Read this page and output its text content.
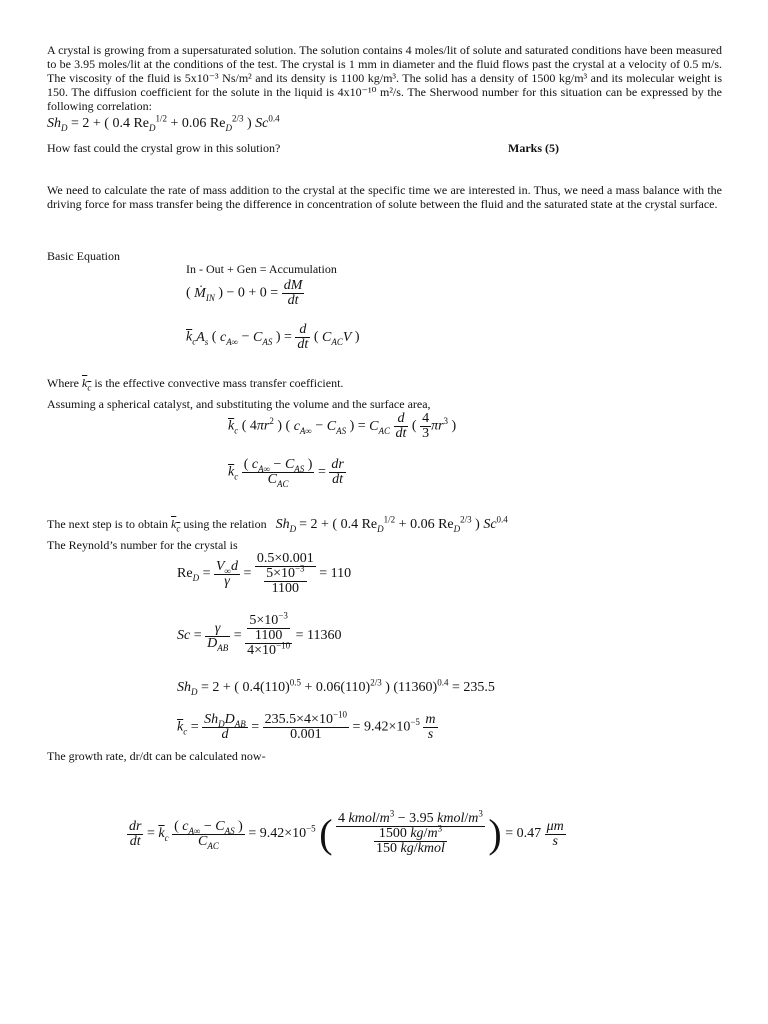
A crystal is growing from a supersaturated solution. The solution contains 4 moles/lit of solute and saturated conditions have been measured to be 3.95 moles/lit at the conditions of the test. The crystal is 1 mm in diameter and the fluid flows past the crystal at a velocity of 0.5 m/s. The viscosity of the fluid is 5x10⁻³ Ns/m² and its density is 1100 kg/m³. The solid has a density of 1500 kg/m³ and its molecular weight is 150. The diffusion coefficient for the solute in the liquid is 4x10⁻¹⁰ m²/s. The Sherwood number for this situation can be expressed by the following correlation:
$Sh_D = 2$ + ( 0.4 $Re_D^{1/2} + 0.06$ $Re_D^{2/3}$ ) $Sc^{0.4}$
How fast could the crystal grow in this solution?	Marks (5)
We need to calculate the rate of mass addition to the crystal at the specific time we are interested in. Thus, we need a mass balance with the driving force for mass transfer being the difference in concentration of solute between the fluid and the saturated state at the crystal surface.
Basic Equation
In - Out + Gen = Accumulation
( Ṁ$_{IN}$ ) − $0 + 0 = \frac{dM}{dt}$
$\overline{k}_cA_s$ ( $c_{A\infty} - C_{AS}$ ) = $\frac{d}{dt}$ ( $C_{AC}V$ )
Where $k_c$ is the effective convective mass transfer coefficient.
Assuming a spherical catalyst, and substituting the volume and the surface area,
$\overline{k}_c$ ( $4\pi r^2$ ) ( $c_{A\infty} - C_{AS}$ ) = $C_{AC} \frac{d}{dt}$ ( $\frac{4}{3} \pi r^3$ )
$\overline{k}_c \frac{( c_{A\infty} - C_{AS} )}{C_{AC}} = \frac{dr}{dt}$
The next step is to obtain $k_c$ using the relation $Sh_D = 2$ + ( 0.4 $Re_D^{1/2} + 0.06$ $Re_D^{2/3}$ ) $Sc^{0.4}$
The Reynold’s number for the crystal is
$Re_D = \frac{V_\infty d}{\gamma} = \frac{0.5\times 0.001}{\frac{5\times 10^{-3}}{1100}} = 110$
$Sc = \frac{\gamma}{D_{AB}} = \frac{\frac{5\times 10^{-3}}{1100}}{4\times 10^{-10}} = 11360$
$Sh_D = 2$ + ( $0.4(110)^{0.5} + 0.06(110)^{2/3}$ ) $(11360)^{0.4} = 235.5$
$\overline{k}_c = \frac{Sh_DD_{AB}}{d} = \frac{235.5\times 4\times 10^{-10}}{0.001} = 9.42\times 10^{-5} \frac{m}{s}$
The growth rate, dr/dt can be calculated now-
$\frac{dr}{dt} = \overline{k}_c \frac{( c_{A\infty} - C_{AS} )}{C_{AC}} = 9.42\times 10^{-5}$ ( $\frac{4 kmol/m^3 - 3.95 kmol/m^3}{\frac{1500 kg/m^3}{\text{150 kg/kmol}}}$ ) = $0.47 \frac{\mu m}{s}$
